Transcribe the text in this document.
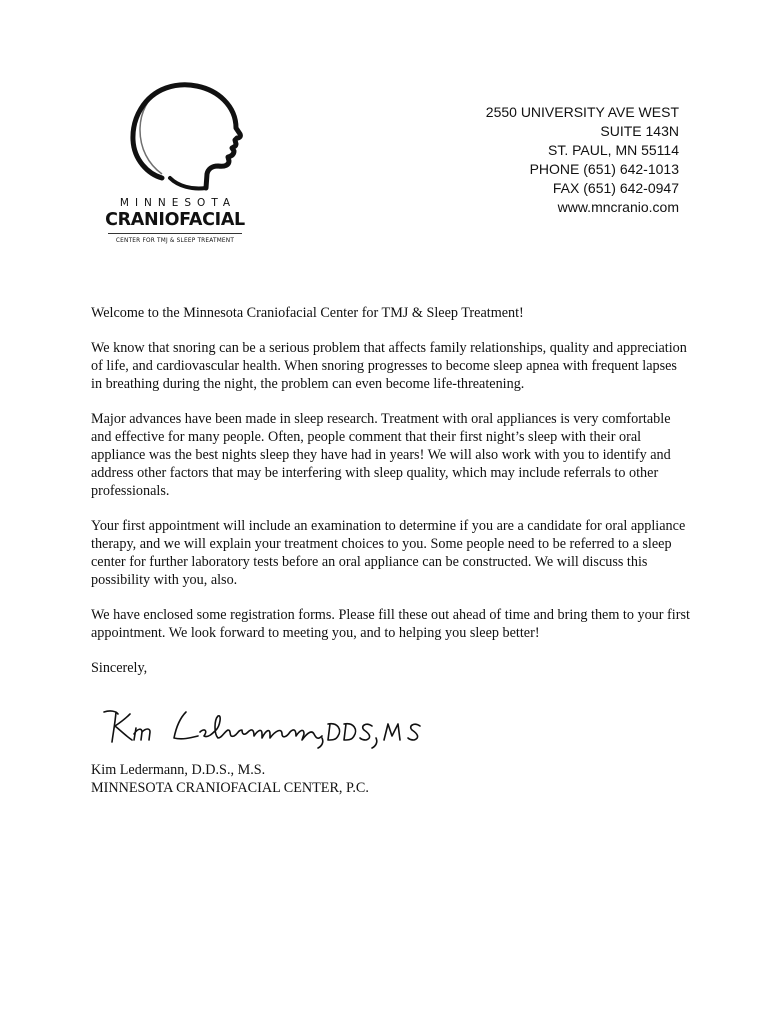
MINNESOTA
CRANIOFACIAL
CENTER FOR TMJ & SLEEP TREATMENT
2550 UNIVERSITY AVE WEST
SUITE 143N
ST. PAUL, MN 55114
PHONE (651) 642-1013
FAX (651) 642-0947
www.mncranio.com

Welcome to the Minnesota Craniofacial Center for TMJ & Sleep Treatment!

We know that snoring can be a serious problem that affects family relationships, quality and appreciation of life, and cardiovascular health. When snoring progresses to become sleep apnea with frequent lapses in breathing during the night, the problem can even become life-threatening.

Major advances have been made in sleep research. Treatment with oral appliances is very comfortable and effective for many people. Often, people comment that their first night’s sleep with their oral appliance was the best nights sleep they have had in years! We will also work with you to identify and address other factors that may be interfering with sleep quality, which may include referrals to other professionals.

Your first appointment will include an examination to determine if you are a candidate for oral appliance therapy, and we will explain your treatment choices to you. Some people need to be referred to a sleep center for further laboratory tests before an oral appliance can be constructed. We will discuss this possibility with you, also.

We have enclosed some registration forms. Please fill these out ahead of time and bring them to your first appointment. We look forward to meeting you, and to helping you sleep better!

Sincerely,

Kim Ledermann, D.D.S., M.S.
MINNESOTA CRANIOFACIAL CENTER, P.C.
